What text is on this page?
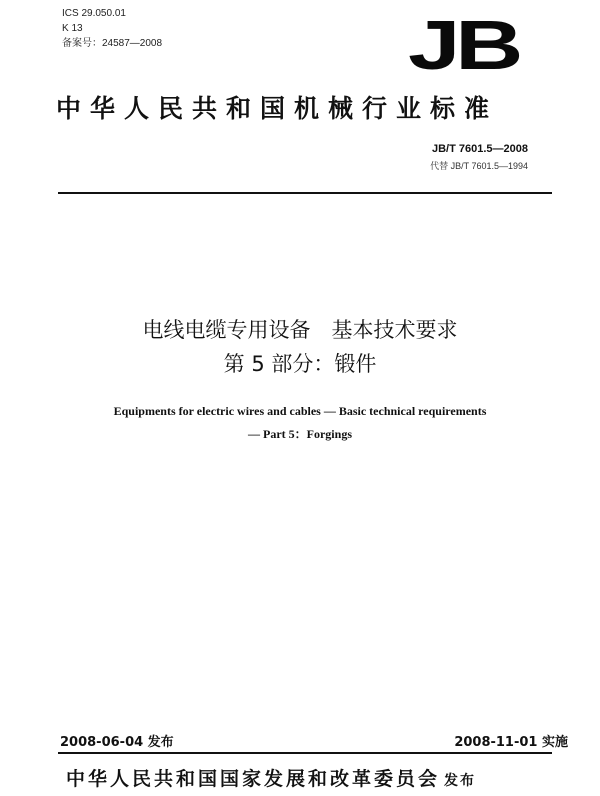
ICS 29.050.01
K 13
备案号：24587—2008	JB
中华人民共和国机械行业标准
JB/T 7601.5—2008
代替 JB/T 7601.5—1994
电线电缆专用设备　基本技术要求
第 5 部分：锻件
Equipments for electric wires and cables — Basic technical requirements
— Part 5：Forgings
2008-06-04 发布	2008-11-01 实施
中华人民共和国国家发展和改革委员会 发布
